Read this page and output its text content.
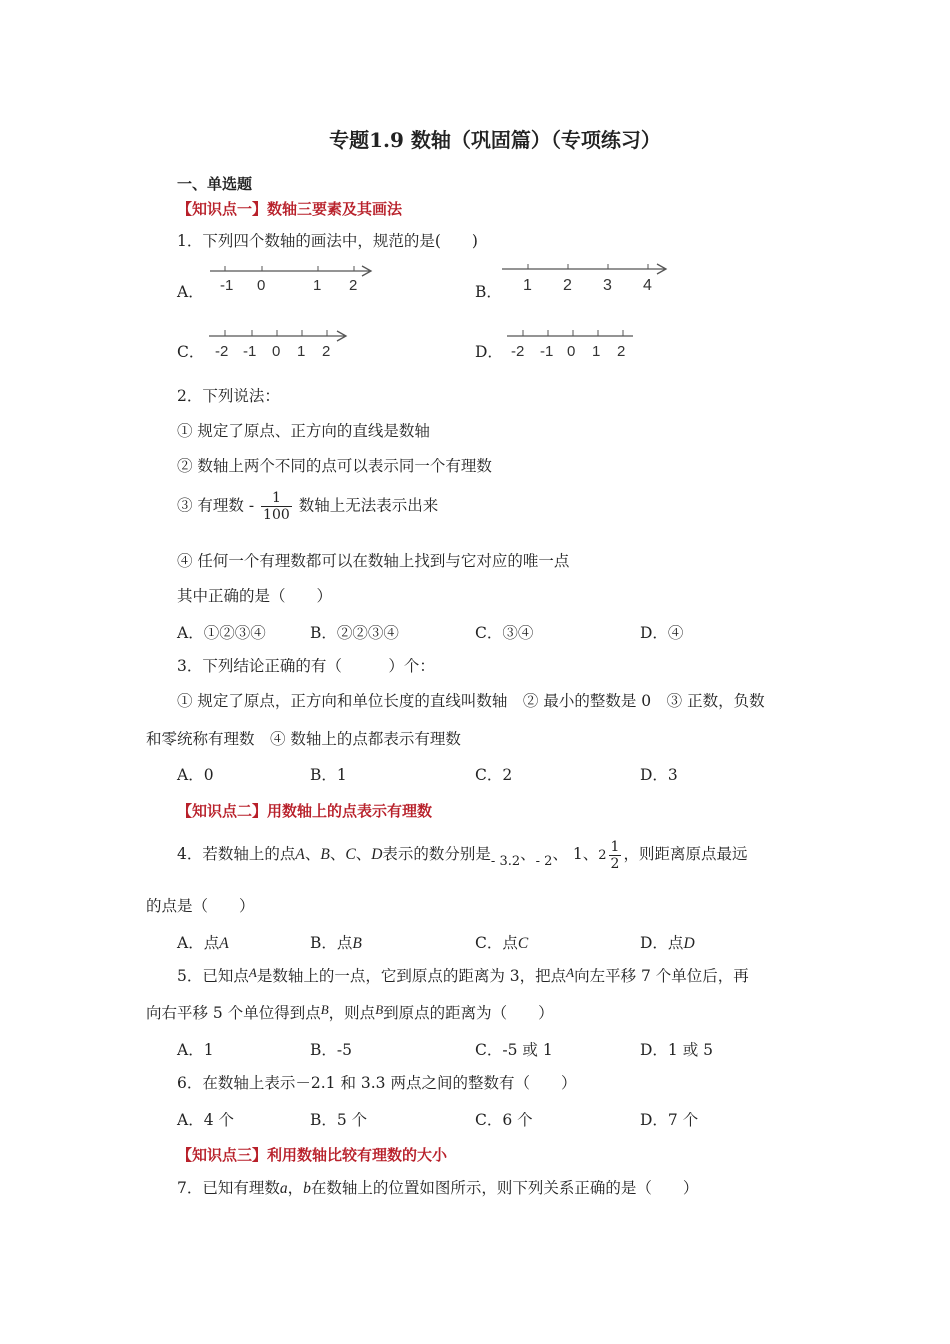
专题1.9 数轴（巩固篇）（专项练习）
一、单选题
【知识点一】数轴三要素及其画法
1．下列四个数轴的画法中，规范的是(　　)
A． -1 0	1 2	B． 1 2 3 4
C． -2 -1 0 1 2	D． -2 -1 0 1 2
2．下列说法：
① 规定了原点、正方向的直线是数轴
② 数轴上两个不同的点可以表示同一个有理数
③ 有理数 - $\frac{1}{100}$ 数轴上无法表示出来
④ 任何一个有理数都可以在数轴上找到与它对应的唯一点
其中正确的是（　　）
A．①②③④	B．②②③④	C．③④	D．④
3．下列结论正确的有（　　　）个：
① 规定了原点，正方向和单位长度的直线叫数轴　② 最小的整数是 0　③ 正数，负数
和零统称有理数　④ 数轴上的点都表示有理数
A．0	B．1	C．2	D．3
【知识点二】用数轴上的点表示有理数
4．若数轴上的点A、B、C、D表示的数分别是$_{- 3.2}$、$_{- 2}$、 1、$2 \frac{1}{2}$ ，则距离原点最远
的点是（　　）
A．点A	B．点B	C．点C	D．点D
5．已知点$^A$是数轴上的一点，它到原点的距离为 3，把点$^A$向左平移 7 个单位后，再
向右平移 5 个单位得到点$^B$，则点$^B$到原点的距离为（　　）
A．1	B．-5	C．-5 或 1	D．1 或 5
6．在数轴上表示－2.1 和 3.3 两点之间的整数有（　　）
A．4 个	B．5 个	C．6 个	D．7 个
【知识点三】利用数轴比较有理数的大小
7．已知有理数a，b在数轴上的位置如图所示，则下列关系正确的是（　　）
